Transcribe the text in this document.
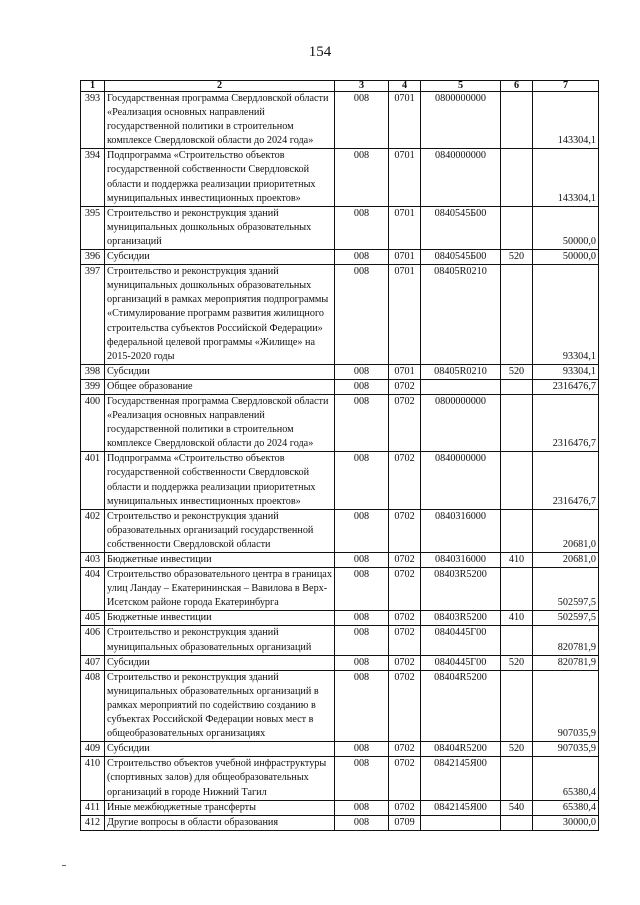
154
1	2	3	4	5	6	7
393	Государственная программа Свердловской области «Реализация основных направлений государственной политики в строительном комплексе Свердловской области до 2024 года»	008	0701	0800000000		143304,1
394	Подпрограмма «Строительство объектов государственной собственности Свердловской области и поддержка реализации приоритетных муниципальных инвестиционных проектов»	008	0701	0840000000		143304,1
395	Строительство и реконструкция зданий муниципальных дошкольных образовательных организаций	008	0701	0840545Б00		50000,0
396	Субсидии	008	0701	0840545Б00	520	50000,0
397	Строительство и реконструкция зданий муниципальных дошкольных образовательных организаций в рамках мероприятия подпрограммы «Стимулирование программ развития жилищного строительства субъектов Российской Федерации» федеральной целевой программы «Жилище» на 2015-2020 годы	008	0701	08405R0210		93304,1
398	Субсидии	008	0701	08405R0210	520	93304,1
399	Общее образование	008	0702			2316476,7
400	Государственная программа Свердловской области «Реализация основных направлений государственной политики в строительном комплексе Свердловской области до 2024 года»	008	0702	0800000000		2316476,7
401	Подпрограмма «Строительство объектов государственной собственности Свердловской области и поддержка реализации приоритетных муниципальных инвестиционных проектов»	008	0702	0840000000		2316476,7
402	Строительство и реконструкция зданий образовательных организаций государственной собственности Свердловской области	008	0702	0840316000		20681,0
403	Бюджетные инвестиции	008	0702	0840316000	410	20681,0
404	Строительство образовательного центра в границах улиц Ландау – Екатерининская – Вавилова в Верх-Исетском районе города Екатеринбурга	008	0702	08403R5200		502597,5
405	Бюджетные инвестиции	008	0702	08403R5200	410	502597,5
406	Строительство и реконструкция зданий муниципальных образовательных организаций	008	0702	0840445Г00		820781,9
407	Субсидии	008	0702	0840445Г00	520	820781,9
408	Строительство и реконструкция зданий муниципальных образовательных организаций в рамках мероприятий по содействию созданию в субъектах Российской Федерации новых мест в общеобразовательных организациях	008	0702	08404R5200		907035,9
409	Субсидии	008	0702	08404R5200	520	907035,9
410	Строительство объектов учебной инфраструктуры (спортивных залов) для общеобразовательных организаций в городе Нижний Тагил	008	0702	0842145Я00		65380,4
411	Иные межбюджетные трансферты	008	0702	0842145Я00	540	65380,4
412	Другие вопросы в области образования	008	0709			30000,0
